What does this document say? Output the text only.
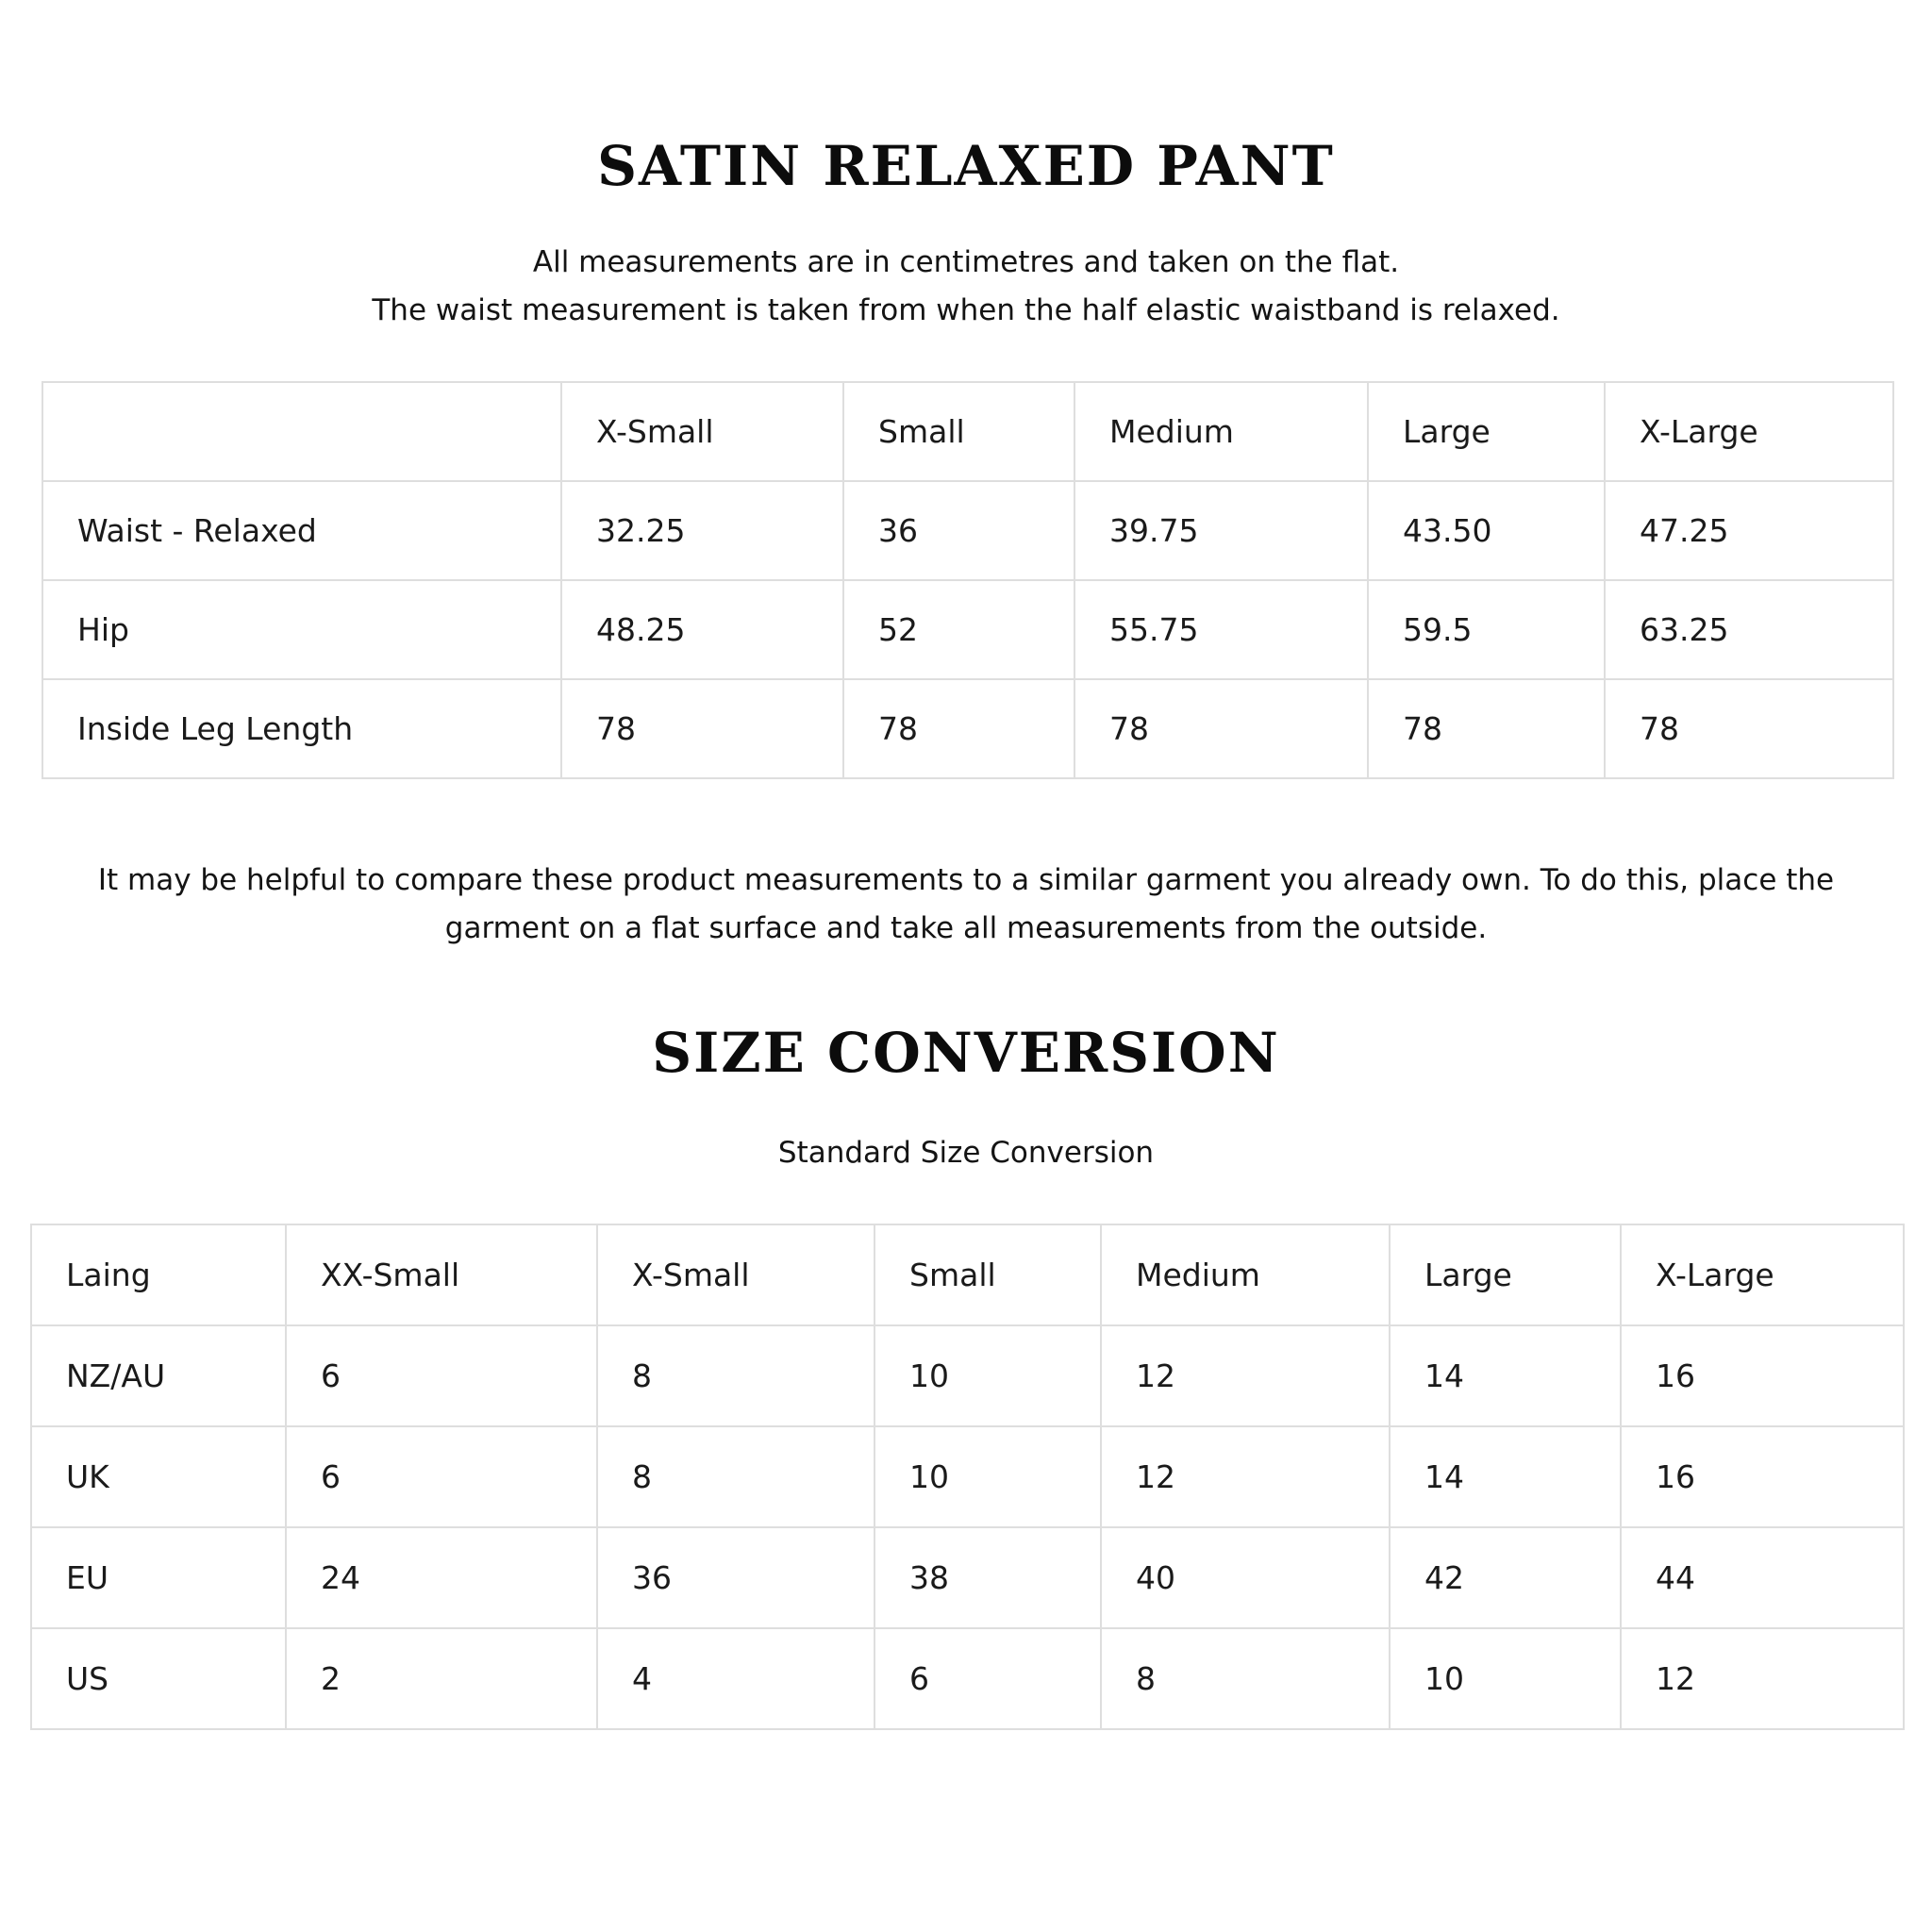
SATIN RELAXED PANT

All measurements are in centimetres and taken on the flat.
The waist measurement is taken from when the half elastic waistband is relaxed.

	X-Small	Small	Medium	Large	X-Large
Waist - Relaxed	32.25	36	39.75	43.50	47.25
Hip	48.25	52	55.75	59.5	63.25
Inside Leg Length	78	78	78	78	78

It may be helpful to compare these product measurements to a similar garment you already own. To do this, place the
garment on a flat surface and take all measurements from the outside.

SIZE CONVERSION

Standard Size Conversion

Laing	XX-Small	X-Small	Small	Medium	Large	X-Large
NZ/AU	6	8	10	12	14	16
UK	6	8	10	12	14	16
EU	24	36	38	40	42	44
US	2	4	6	8	10	12
